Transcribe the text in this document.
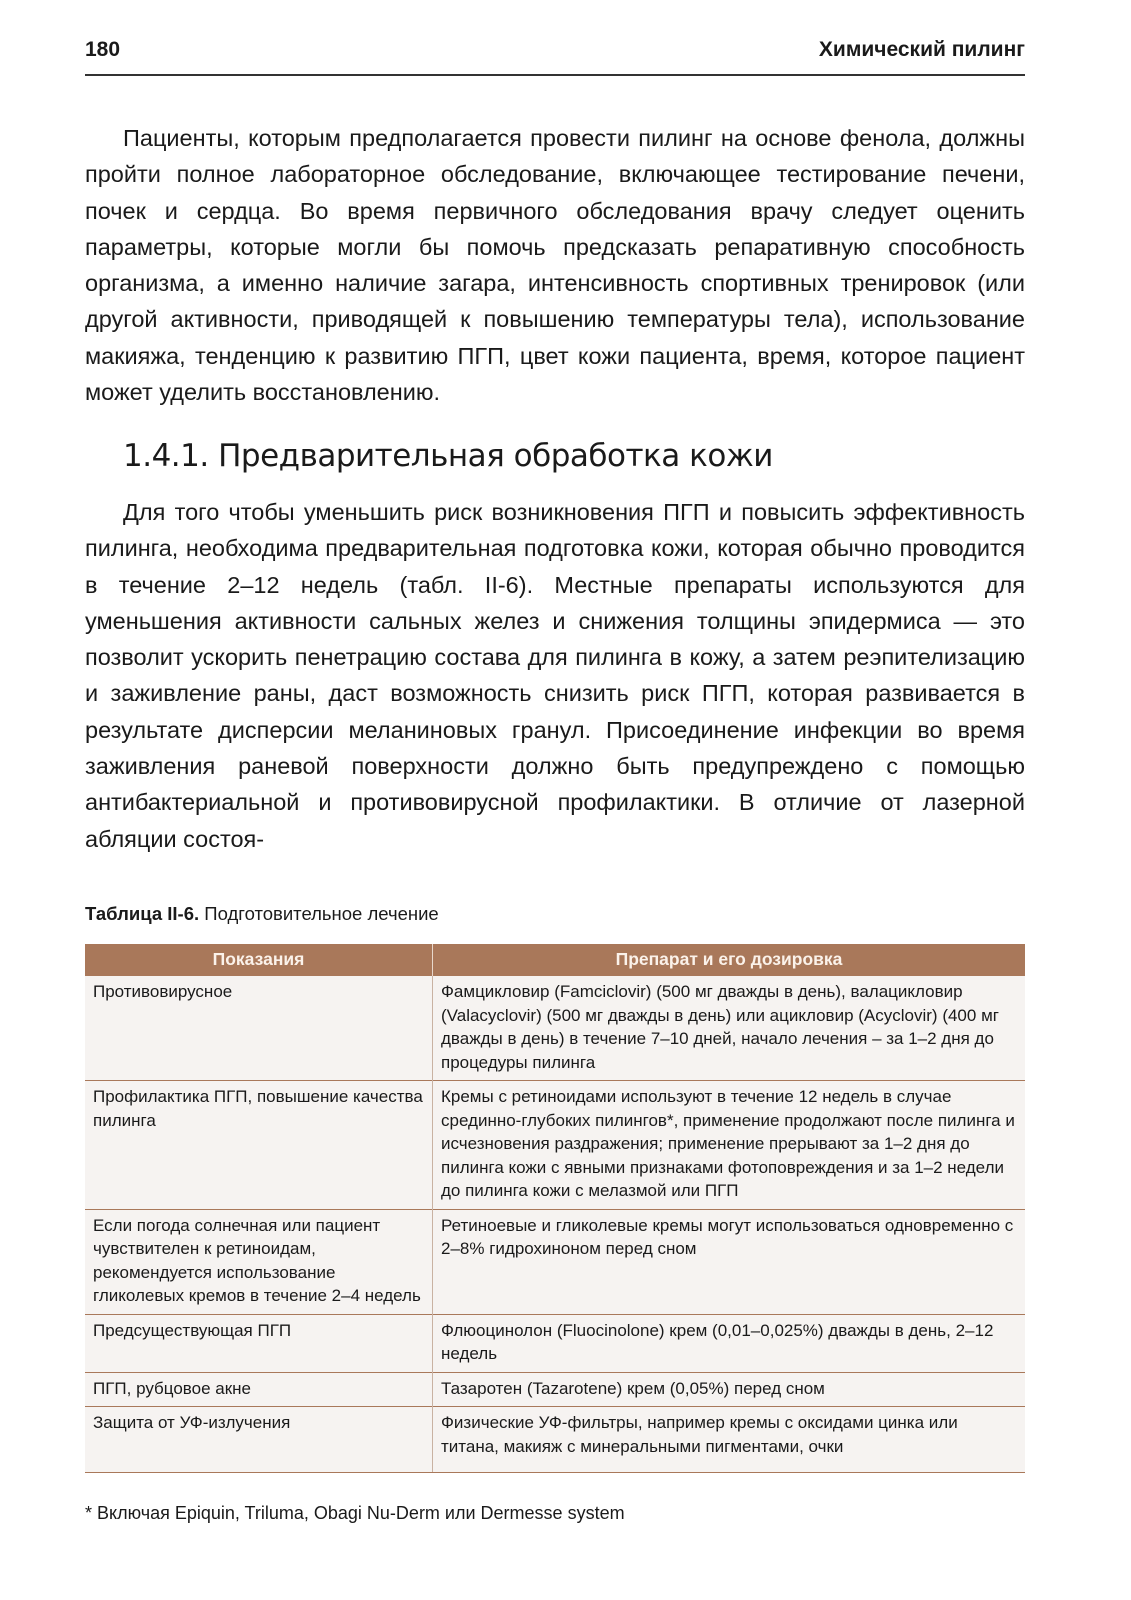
180	Химический пилинг

Пациенты, которым предполагается провести пилинг на основе фенола, должны пройти полное лабораторное обследование, включающее тестирование печени, почек и сердца. Во время первичного обследования врачу следует оценить параметры, которые могли бы помочь предсказать репаративную способность организма, а именно наличие загара, интенсивность спортивных тренировок (или другой активности, приводящей к повышению температуры тела), использование макияжа, тенденцию к развитию ПГП, цвет кожи пациента, время, которое пациент может уделить восстановлению.

1.4.1. Предварительная обработка кожи

Для того чтобы уменьшить риск возникновения ПГП и повысить эффективность пилинга, необходима предварительная подготовка кожи, которая обычно проводится в течение 2–12 недель (табл. II-6). Местные препараты используются для уменьшения активности сальных желез и снижения толщины эпидермиса — это позволит ускорить пенетрацию состава для пилинга в кожу, а затем реэпителизацию и заживление раны, даст возможность снизить риск ПГП, которая развивается в результате дисперсии меланиновых гранул. Присоединение инфекции во время заживления раневой поверхности должно быть предупреждено с помощью антибактериальной и противовирусной профилактики. В отличие от лазерной абляции состоя-

Таблица II-6. Подготовительное лечение

Показания	Препарат и его дозировка
Противовирусное	Фамцикловир (Famciclovir) (500 мг дважды в день), валацикловир (Valacyclovir) (500 мг дважды в день) или ацикловир (Acyclovir) (400 мг дважды в день) в течение 7–10 дней, начало лечения – за 1–2 дня до процедуры пилинга
Профилактика ПГП, повышение качества пилинга	Кремы с ретиноидами используют в течение 12 недель в случае срединно-глубоких пилингов*, применение продолжают после пилинга и исчезновения раздражения; применение прерывают за 1–2 дня до пилинга кожи с явными признаками фотоповреждения и за 1–2 недели до пилинга кожи с мелазмой или ПГП
Если погода солнечная или пациент чувствителен к ретиноидам, рекомендуется использование гликолевых кремов в течение 2–4 недель	Ретиноевые и гликолевые кремы могут использоваться одновременно с 2–8% гидрохиноном перед сном
Предсуществующая ПГП	Флюоцинолон (Fluocinolone) крем (0,01–0,025%) дважды в день, 2–12 недель
ПГП, рубцовое акне	Тазаротен (Tazarotene) крем (0,05%) перед сном
Защита от УФ-излучения	Физические УФ-фильтры, например кремы с оксидами цинка или титана, макияж с минеральными пигментами, очки

* Включая Epiquin, Triluma, Obagi Nu-Derm или Dermesse system
